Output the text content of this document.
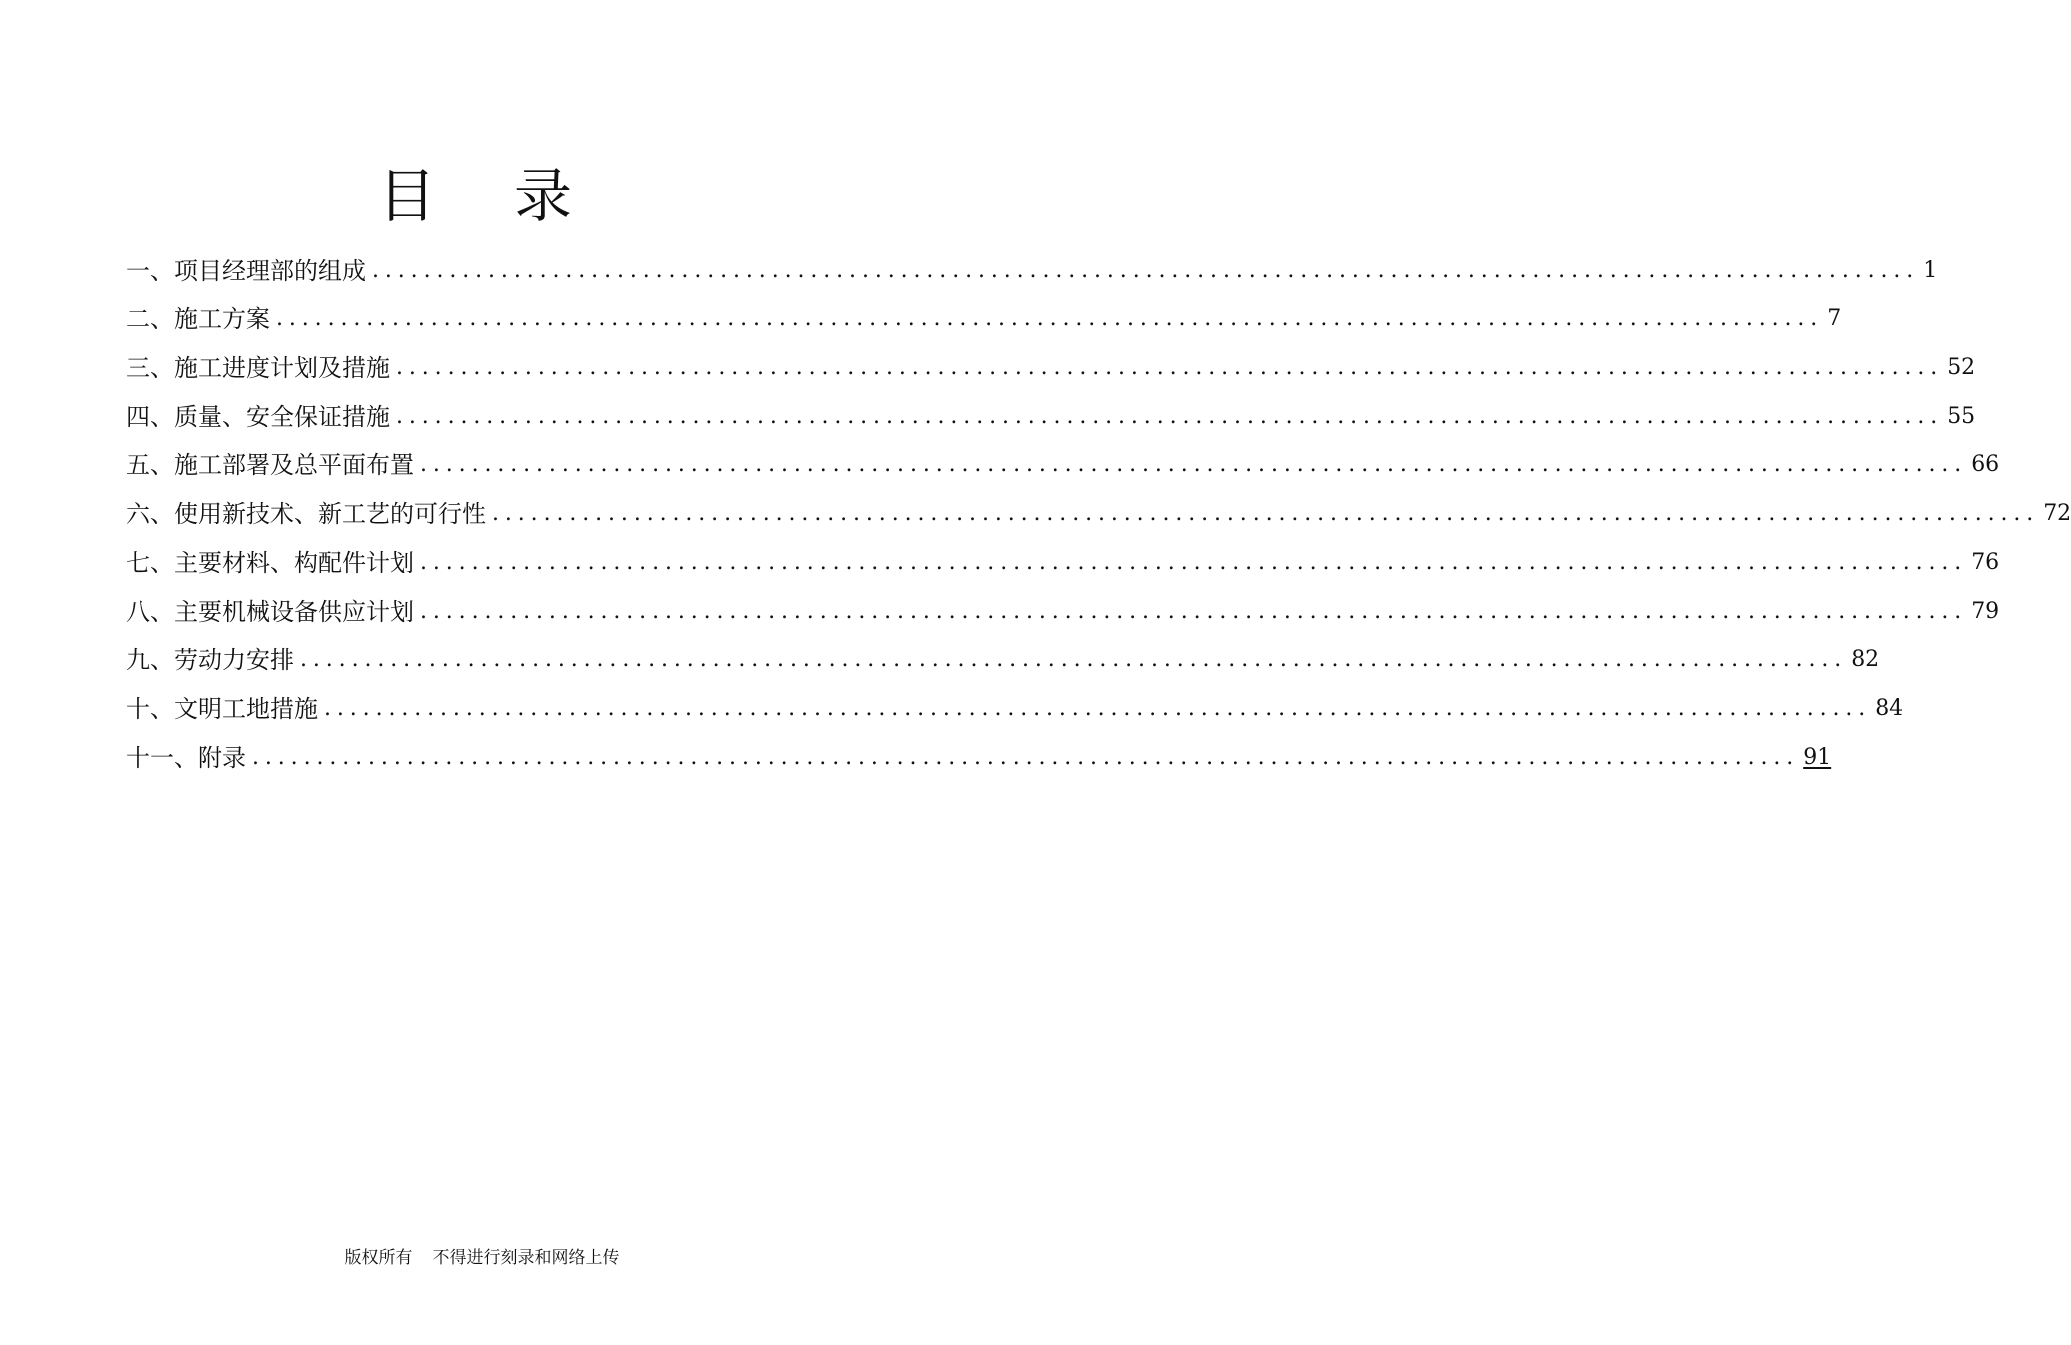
目 录
一、项目经理部的组成 ........................................................................................................................ 1
二、施工方案 ........................................................................................................................ 7
三、施工进度计划及措施 ........................................................................................................................ 52
四、质量、安全保证措施 ........................................................................................................................ 55
五、施工部署及总平面布置 ........................................................................................................................ 66
六、使用新技术、新工艺的可行性 ........................................................................................................................ 72
七、主要材料、构配件计划 ........................................................................................................................ 76
八、主要机械设备供应计划 ........................................................................................................................ 79
九、劳动力安排 ........................................................................................................................ 82
十、文明工地措施 ........................................................................................................................ 84
十一、附录 ........................................................................................................................ 91
版权所有 不得进行刻录和网络上传
